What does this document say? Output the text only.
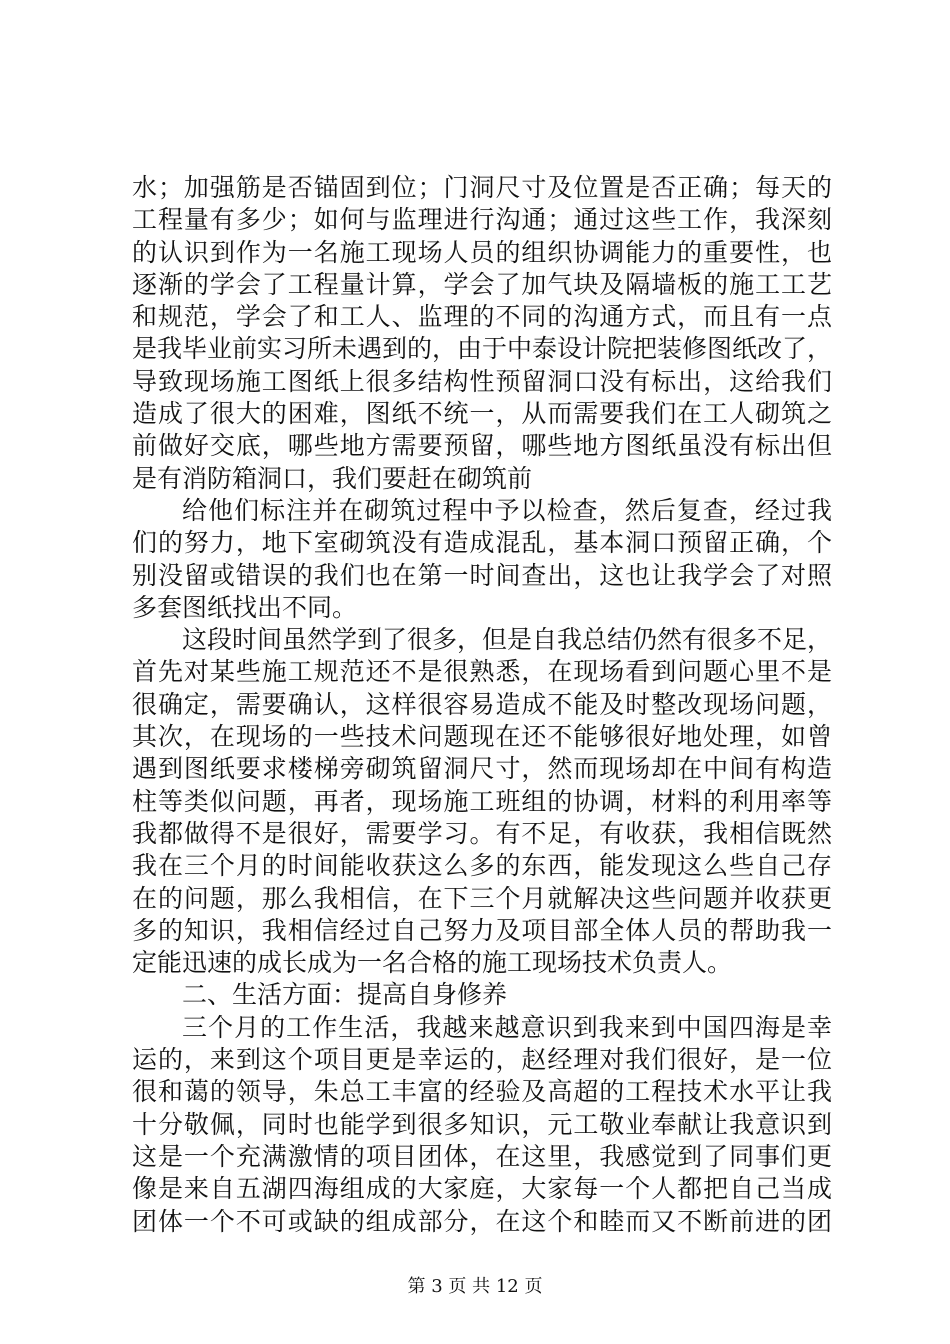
水；加强筋是否锚固到位；门洞尺寸及位置是否正确；每天的
工程量有多少；如何与监理进行沟通；通过这些工作，我深刻
的认识到作为一名施工现场人员的组织协调能力的重要性，也
逐渐的学会了工程量计算，学会了加气块及隔墙板的施工工艺
和规范，学会了和工人、监理的不同的沟通方式，而且有一点
是我毕业前实习所未遇到的，由于中泰设计院把装修图纸改了，
导致现场施工图纸上很多结构性预留洞口没有标出，这给我们
造成了很大的困难，图纸不统一，从而需要我们在工人砌筑之
前做好交底，哪些地方需要预留，哪些地方图纸虽没有标出但
是有消防箱洞口，我们要赶在砌筑前
给他们标注并在砌筑过程中予以检查，然后复查，经过我
们的努力，地下室砌筑没有造成混乱，基本洞口预留正确，个
别没留或错误的我们也在第一时间查出，这也让我学会了对照
多套图纸找出不同。
这段时间虽然学到了很多，但是自我总结仍然有很多不足，
首先对某些施工规范还不是很熟悉，在现场看到问题心里不是
很确定，需要确认，这样很容易造成不能及时整改现场问题，
其次，在现场的一些技术问题现在还不能够很好地处理，如曾
遇到图纸要求楼梯旁砌筑留洞尺寸，然而现场却在中间有构造
柱等类似问题，再者，现场施工班组的协调，材料的利用率等
我都做得不是很好，需要学习。有不足，有收获，我相信既然
我在三个月的时间能收获这么多的东西，能发现这么些自己存
在的问题，那么我相信，在下三个月就解决这些问题并收获更
多的知识，我相信经过自己努力及项目部全体人员的帮助我一
定能迅速的成长成为一名合格的施工现场技术负责人。
二、生活方面：提高自身修养
三个月的工作生活，我越来越意识到我来到中国四海是幸
运的，来到这个项目更是幸运的，赵经理对我们很好，是一位
很和蔼的领导，朱总工丰富的经验及高超的工程技术水平让我
十分敬佩，同时也能学到很多知识，元工敬业奉献让我意识到
这是一个充满激情的项目团体，在这里，我感觉到了同事们更
像是来自五湖四海组成的大家庭，大家每一个人都把自己当成
团体一个不可或缺的组成部分，在这个和睦而又不断前进的团
第 3 页 共 12 页
